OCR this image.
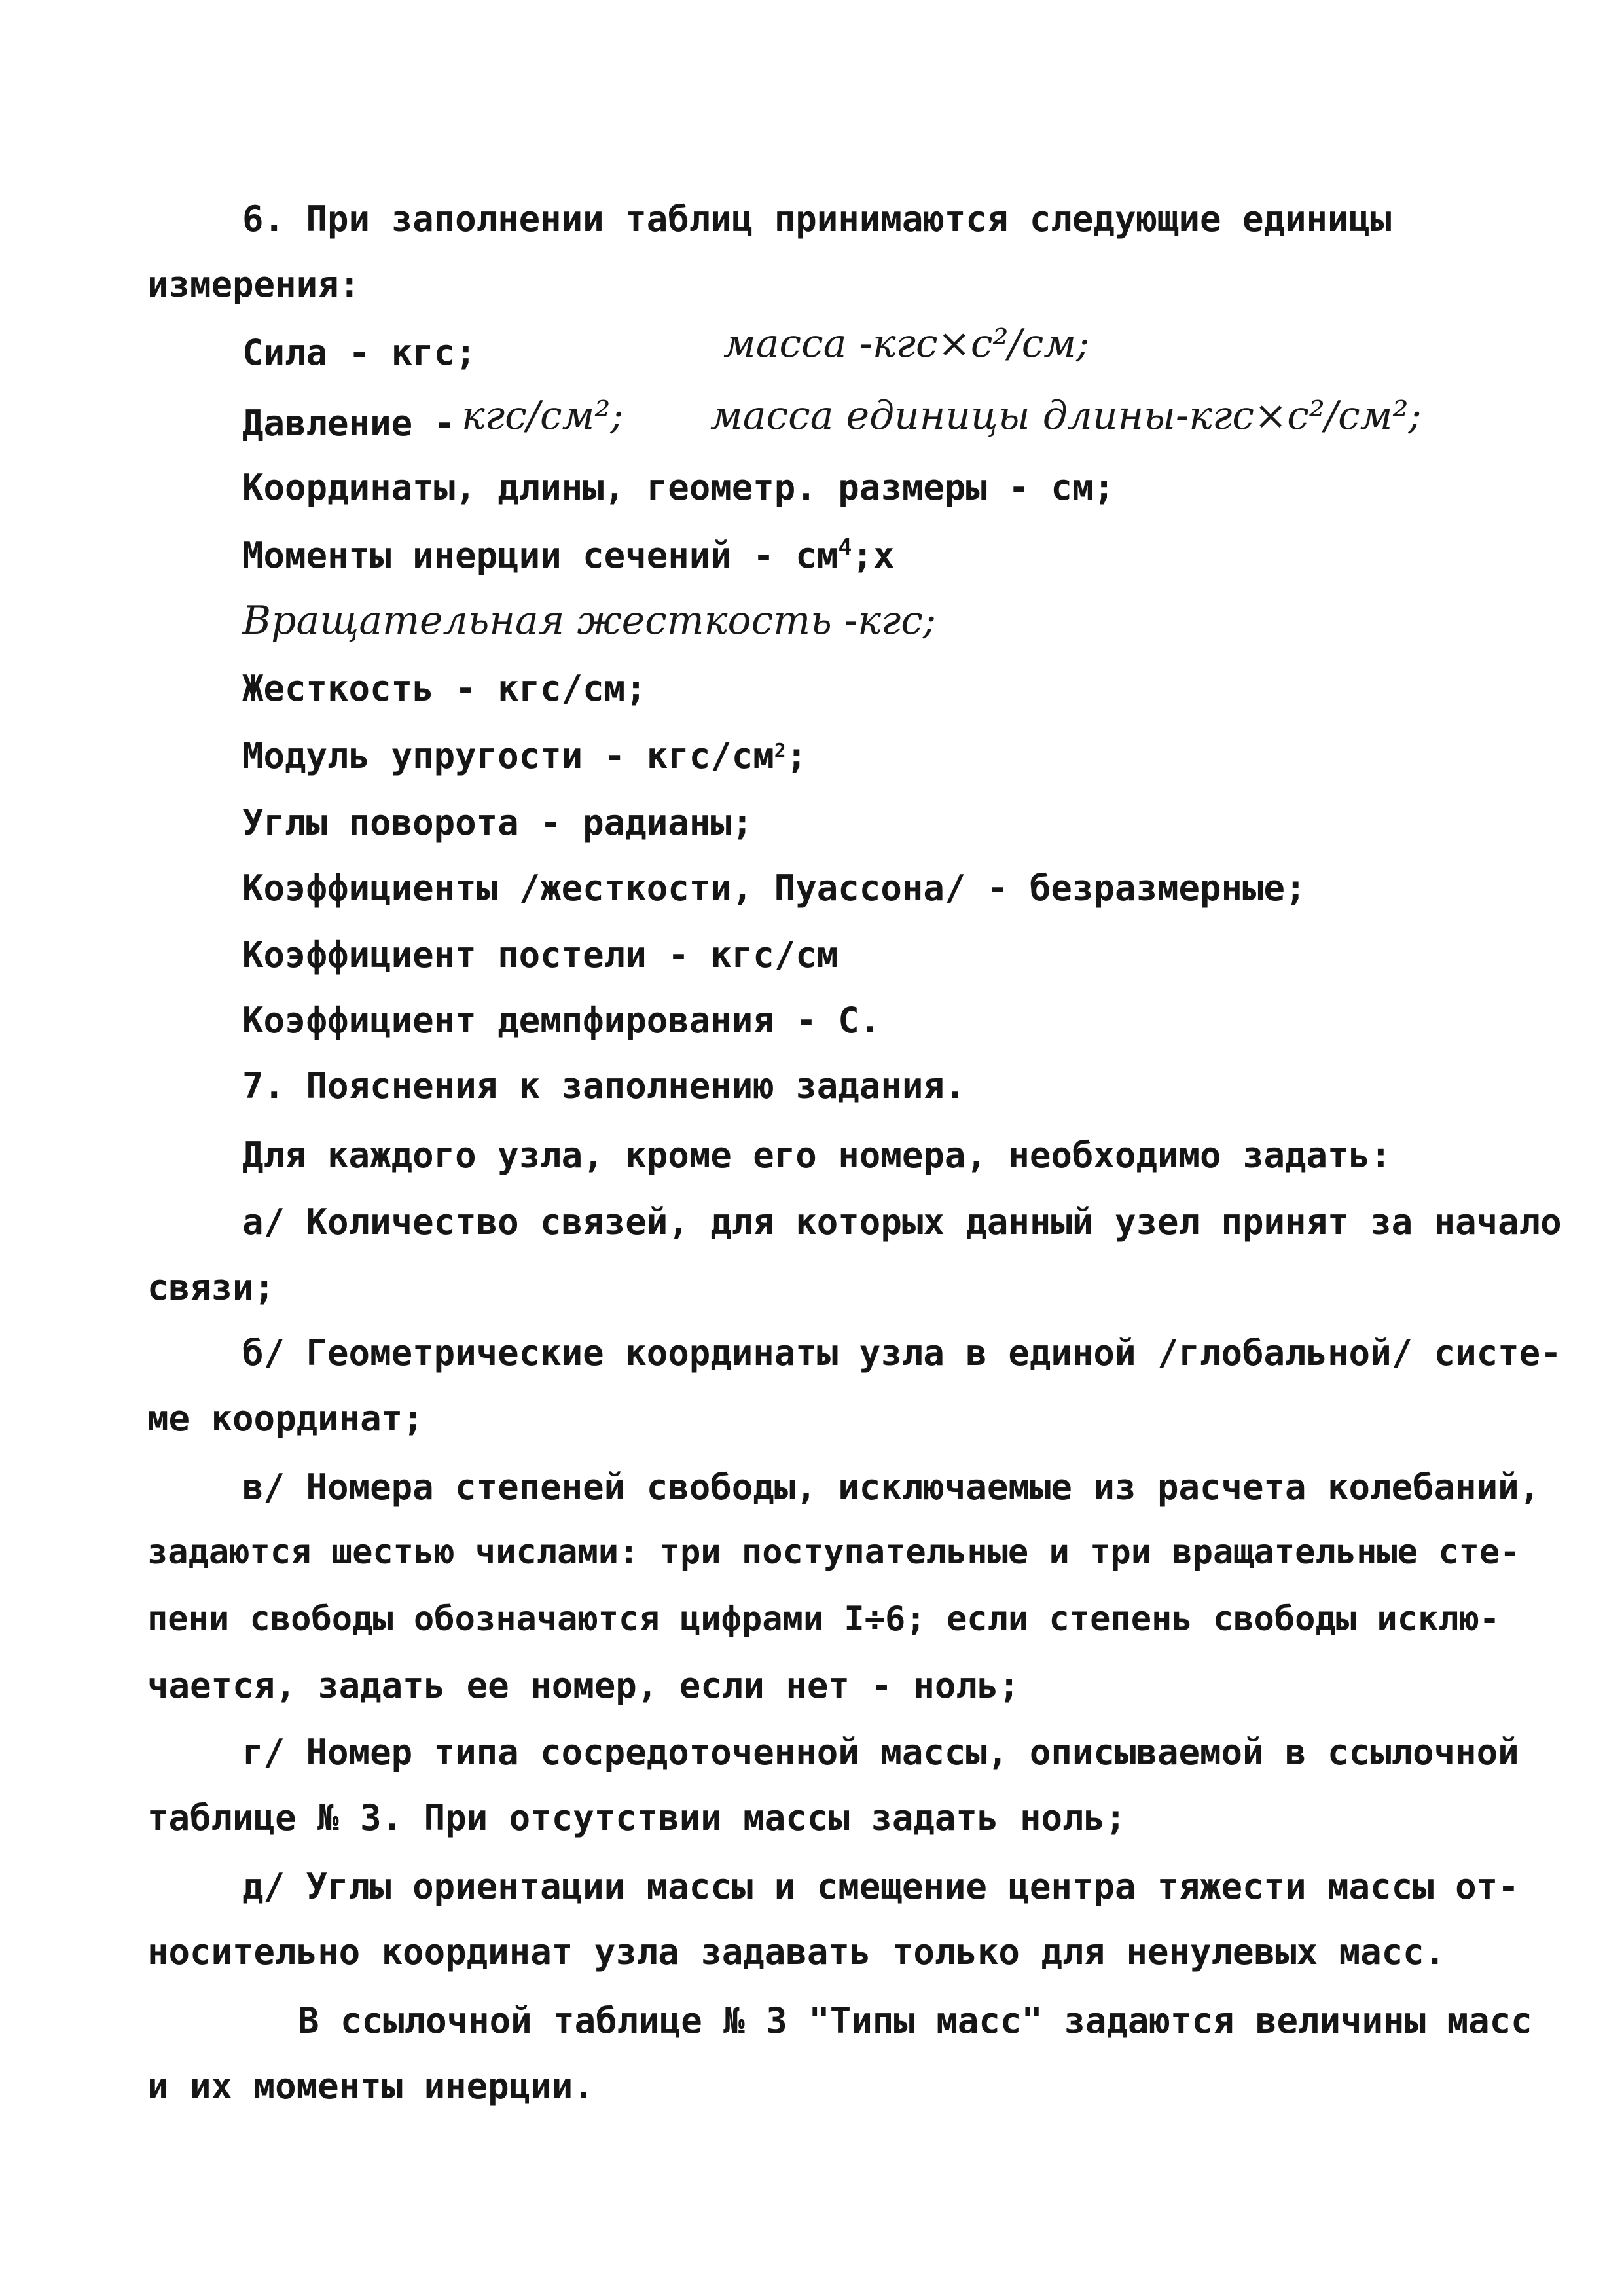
6. При заполнении таблиц принимаются следующие единицы
измерения:
Сила - кгс;	масса -кгс×с²/см;
Давление - кгс/см²; масса единицы длины-кгс×с²/см²;
Координаты, длины, геометр. размеры - см;
Моменты инерции сечений - $см^4;x$
Вращательная жесткость -кгс;
Жесткость - кгс/см;
Модуль упругости - кгс/$см^2$;
Углы поворота - радианы;
Коэффициенты /жесткости, Пуассона/ - безразмерные;
Коэффициент постели - кгс/см
Коэффициент демпфирования - С.
7. Пояснения к заполнению задания.
Для каждого узла, кроме его номера, необходимо задать:
а/ Количество связей, для которых данный узел принят за начало
связи;
б/ Геометрические координаты узла в единой /глобальной/ систе-
ме координат;
в/ Номера степеней свободы, исключаемые из расчета колебаний,
задаются шестью числами: три поступательные и три вращательные сте-
пени свободы обозначаются цифрами I÷6; если степень свободы исклю-
чается, задать ее номер, если нет - ноль;
г/ Номер типа сосредоточенной массы, описываемой в ссылочной
таблице № 3. При отсутствии массы задать ноль;
д/ Углы ориентации массы и смещение центра тяжести массы от-
носительно координат узла задавать только для ненулевых масс.
В ссылочной таблице № 3 "Типы масс" задаются величины масс
и их моменты инерции.
